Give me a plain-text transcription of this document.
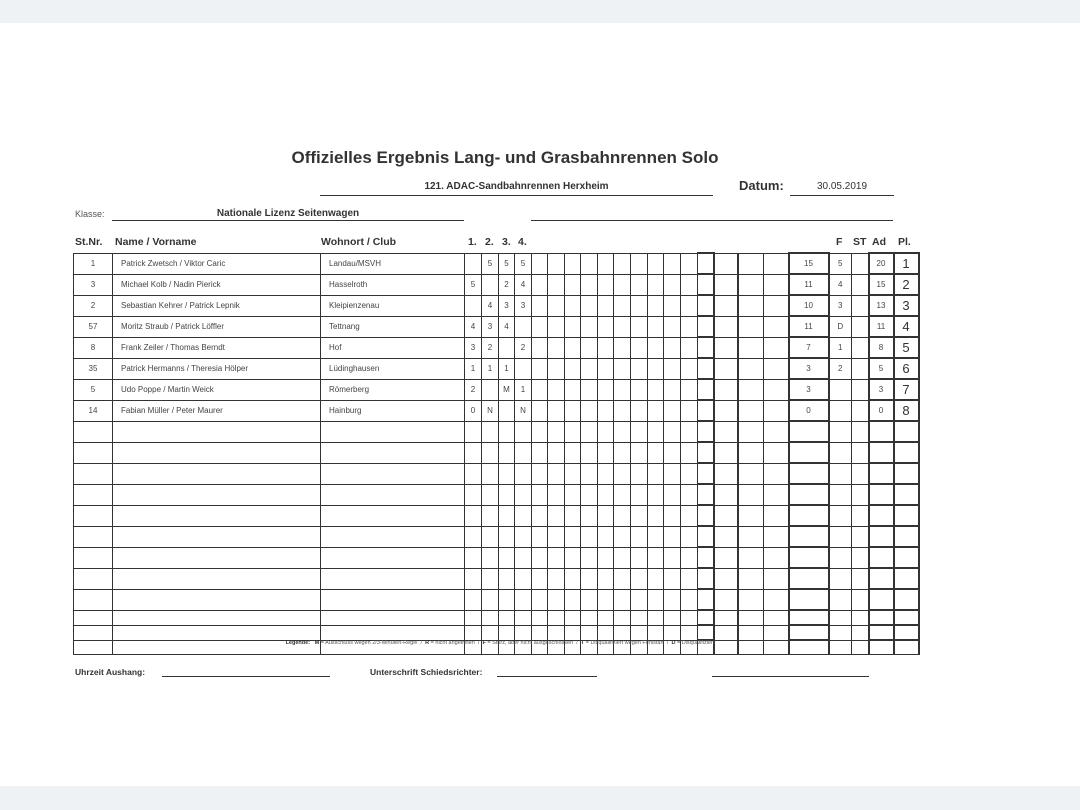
Offizielles Ergebnis Lang- und Grasbahnrennen Solo
121. ADAC-Sandbahnrennen Herxheim	Datum:	30.05.2019
Klasse:	Nationale Lizenz Seitenwagen
St.Nr. Name / Vorname	Wohnort / Club	1. 2. 3. 4.	F ST Ad Pl.
1	Patrick Zwetsch / Viktor Caric	Landau/MSVH		5	5	5															15	5		20	1
3	Michael Kolb / Nadin Pierick	Hasselroth	5		2	4															11	4		15	2
2	Sebastian Kehrer / Patrick Lepnik	Kleipienzenau		4	3	3															10	3		13	3
57	Moritz Straub / Patrick Löffler	Tettnang	4	3	4																11	D		11	4
8	Frank Zeiler / Thomas Berndt	Hof	3	2		2															7	1		8	5
35	Patrick Hermanns / Theresia Hölper	Lüdinghausen	1	1	1																3	2		5	6
5	Udo Poppe / Martin Weick	Römerberg	2		M	1															3			3	7
14	Fabian Müller / Peter Maurer	Hainburg	0	N		N															0			0	8

Legende: M = Ausschluss wegen 2/3-Minuten-Regel  /  R = nicht angetreten  /  F = Sturz, aber nicht ausgeschlossen  /  T = Disqualifiziert wegen Fehlstart  /  D = Disqualifiziert
Uhrzeit Aushang:	Unterschrift Schiedsrichter:
